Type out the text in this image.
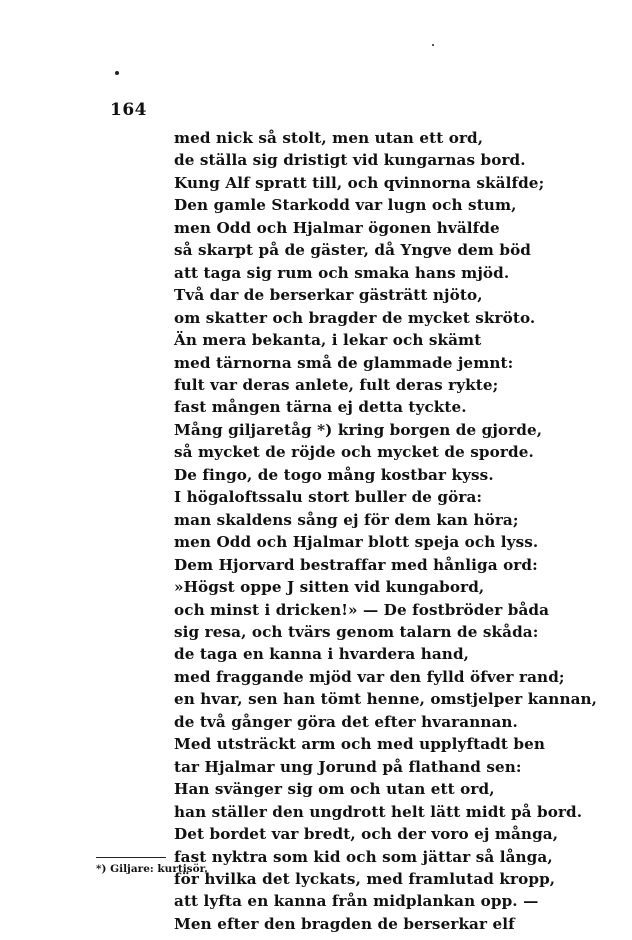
164
med nick så stolt, men utan ett ord,
de ställa sig dristigt vid kungarnas bord.
Kung Alf spratt till, och qvinnorna skälfde;
Den gamle Starkodd var lugn och stum,
men Odd och Hjalmar ögonen hvälfde
så skarpt på de gäster, då Yngve dem böd
att taga sig rum och smaka hans mjöd.
Två dar de berserkar gästrätt njöto,
om skatter och bragder de mycket skröto.
Än mera bekanta, i lekar och skämt
med tärnorna små de glammade jemnt:
fult var deras anlete, fult deras rykte;
fast mången tärna ej detta tyckte.
Mång giljaretåg *) kring borgen de gjorde,
så mycket de röjde och mycket de sporde.
De fingo, de togo mång kostbar kyss.
I högaloftssalu stort buller de göra:
man skaldens sång ej för dem kan höra;
men Odd och Hjalmar blott speja och lyss.
Dem Hjorvard bestraffar med hånliga ord:
»Högst oppe J sitten vid kungabord,
och minst i dricken!» — De fostbröder båda
sig resa, och tvärs genom talarn de skåda:
de taga en kanna i hvardera hand,
med fraggande mjöd var den fylld öfver rand;
en hvar, sen han tömt henne, omstjelper kannan,
de två gånger göra det efter hvarannan.
Med utsträckt arm och med upplyftadt ben
tar Hjalmar ung Jorund på flathand sen:
Han svänger sig om och utan ett ord,
han ställer den ungdrott helt lätt midt på bord.
Det bordet var bredt, och der voro ej många,
fast nyktra som kid och som jättar så långa,
för hvilka det lyckats, med framlutad kropp,
att lyfta en kanna från midplankan opp. —
Men efter den bragden de berserkar elf
*) Giljare: kurtisör.
